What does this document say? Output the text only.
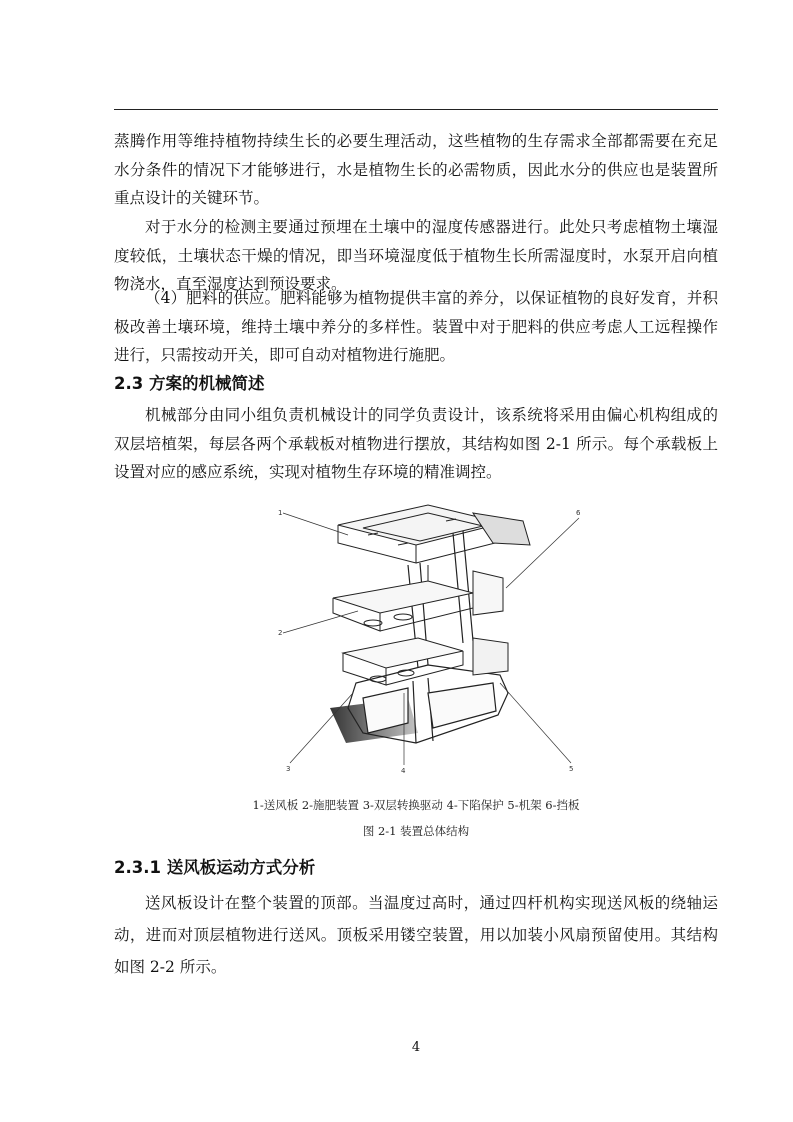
蒸腾作用等维持植物持续生长的必要生理活动，这些植物的生存需求全部都需要在充足水分条件的情况下才能够进行，水是植物生长的必需物质，因此水分的供应也是装置所重点设计的关键环节。

对于水分的检测主要通过预埋在土壤中的湿度传感器进行。此处只考虑植物土壤湿度较低，土壤状态干燥的情况，即当环境湿度低于植物生长所需湿度时，水泵开启向植物浇水，直至湿度达到预设要求。

（4）肥料的供应。肥料能够为植物提供丰富的养分，以保证植物的良好发育，并积极改善土壤环境，维持土壤中养分的多样性。装置中对于肥料的供应考虑人工远程操作进行，只需按动开关，即可自动对植物进行施肥。

2.3 方案的机械简述

机械部分由同小组负责机械设计的同学负责设计，该系统将采用由偏心机构组成的双层培植架，每层各两个承载板对植物进行摆放，其结构如图 2-1 所示。每个承载板上设置对应的感应系统，实现对植物生存环境的精准调控。

1
2
3	4	5
6

1-送风板 2-施肥装置 3-双层转换驱动 4-下陷保护 5-机架 6-挡板

图 2-1 装置总体结构

2.3.1 送风板运动方式分析

送风板设计在整个装置的顶部。当温度过高时，通过四杆机构实现送风板的绕轴运动，进而对顶层植物进行送风。顶板采用镂空装置，用以加装小风扇预留使用。其结构如图 2-2 所示。

4
